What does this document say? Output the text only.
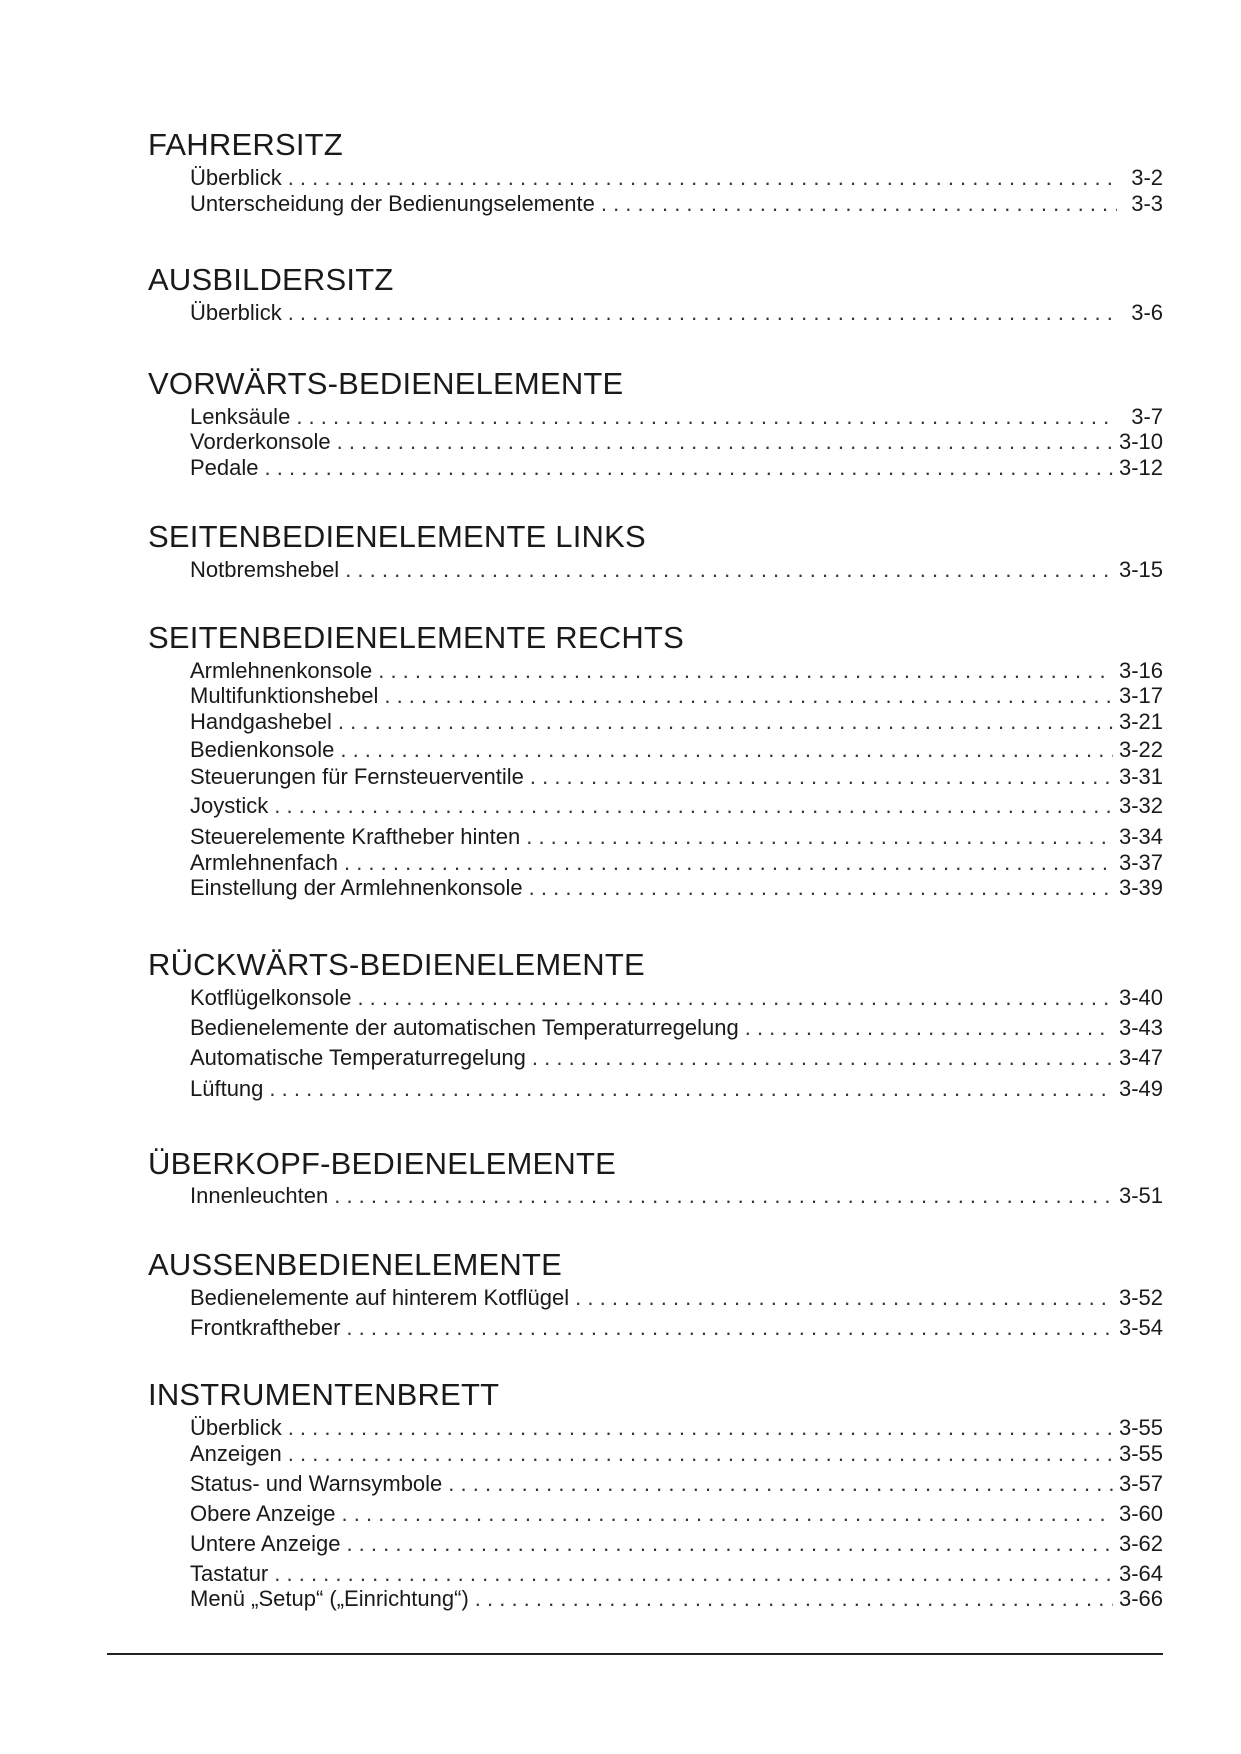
FAHRERSITZ
Überblick . . .	3-2
Unterscheidung der Bedienungselemente . . .	3-3
AUSBILDERSITZ
Überblick . . .	3-6
VORWÄRTS-BEDIENELEMENTE
Lenksäule . . .	3-7
Vorderkonsole . . .	3-10
Pedale . . .	3-12
SEITENBEDIENELEMENTE LINKS
Notbremshebel . . .	3-15
SEITENBEDIENELEMENTE RECHTS
Armlehnenkonsole . . .	3-16
Multifunktionshebel . . .	3-17
Handgashebel . . .	3-21
Bedienkonsole . . .	3-22
Steuerungen für Fernsteuerventile . . .	3-31
Joystick . . .	3-32
Steuerelemente Kraftheber hinten . . .	3-34
Armlehnenfach . . .	3-37
Einstellung der Armlehnenkonsole . . .	3-39
RÜCKWÄRTS-BEDIENELEMENTE
Kotflügelkonsole . . .	3-40
Bedienelemente der automatischen Temperaturregelung . . .	3-43
Automatische Temperaturregelung . . .	3-47
Lüftung . . .	3-49
ÜBERKOPF-BEDIENELEMENTE
Innenleuchten . . .	3-51
AUSSENBEDIENELEMENTE
Bedienelemente auf hinterem Kotflügel . . .	3-52
Frontkraftheber . . .	3-54
INSTRUMENTENBRETT
Überblick . . .	3-55
Anzeigen . . .	3-55
Status- und Warnsymbole . . .	3-57
Obere Anzeige . . .	3-60
Untere Anzeige . . .	3-62
Tastatur . . .	3-64
Menü „Setup“ („Einrichtung“) . . .	3-66
